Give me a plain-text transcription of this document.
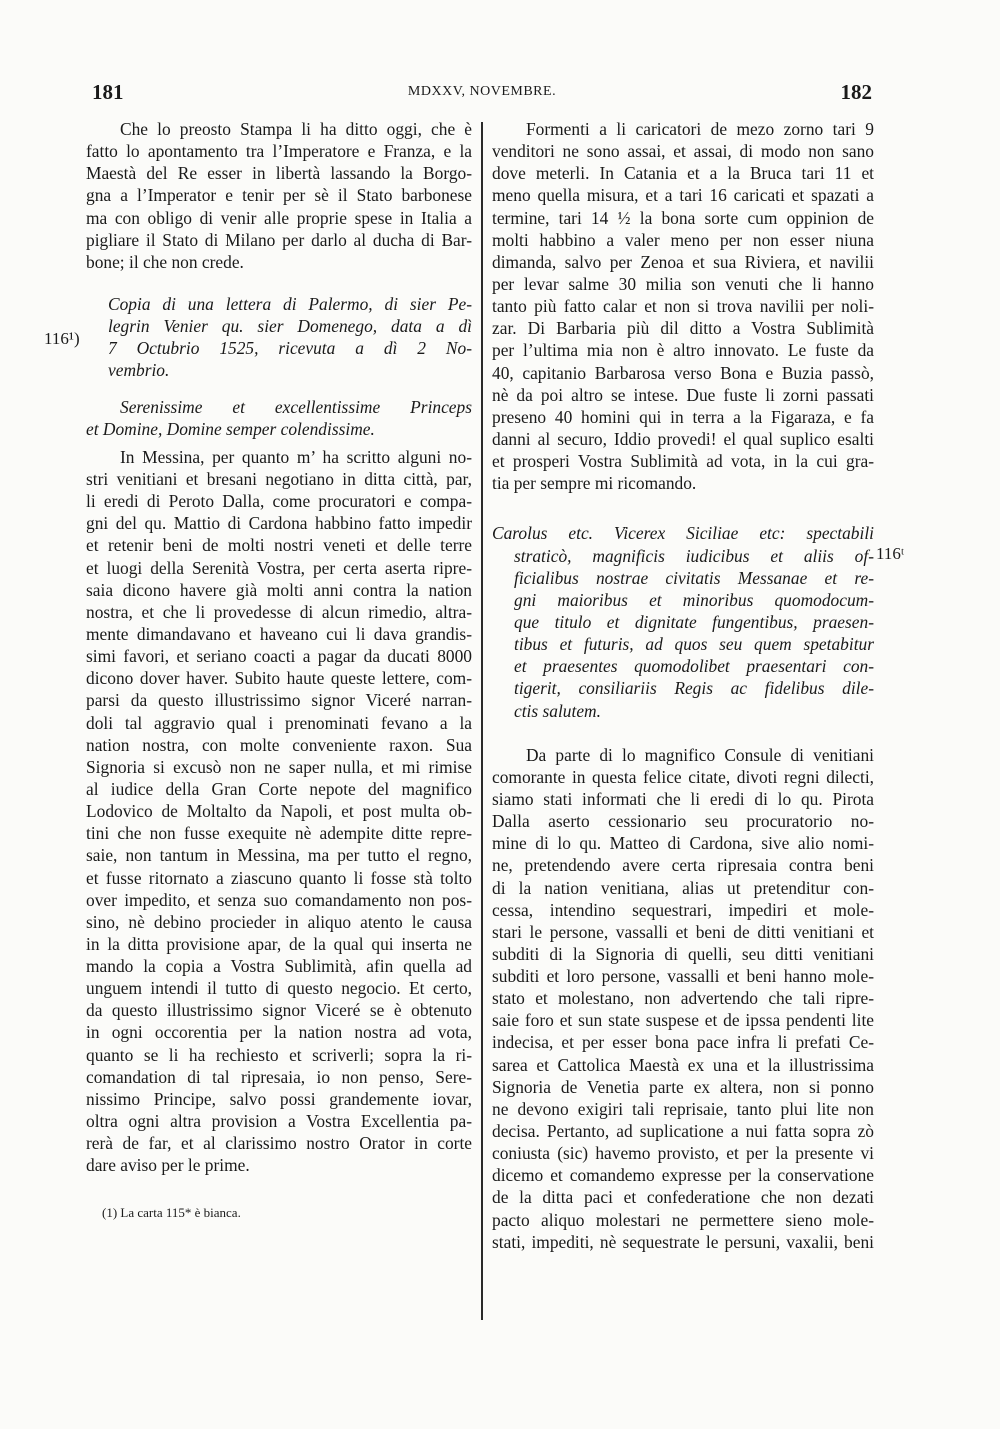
181	MDXXV, NOVEMBRE.	182
116¹)
116ᵗ
Che lo preosto Stampa li ha ditto oggi, che è
fatto lo apontamento tra l’Imperatore e Franza, e la
Maestà del Re esser in libertà lassando la Borgo-
gna a l’Imperator e tenir per sè il Stato barbonese
ma con obligo di venir alle proprie spese in Italia a
pigliare il Stato di Milano per darlo al ducha di Bar-
bone; il che non crede.
Copia di una lettera di Palermo, di sier Pe-
legrin Venier qu. sier Domenego, data a dì
7 Octubrio 1525, ricevuta a dì 2 No-
vembrio.
Serenissime et excellentissime Princeps
et Domine, Domine semper colendissime.
In Messina, per quanto m’ ha scritto alguni no-
stri venitiani et bresani negotiano in ditta città, par,
li eredi di Peroto Dalla, come procuratori e compa-
gni del qu. Mattio di Cardona habbino fatto impedir
et retenir beni de molti nostri veneti et delle terre
et luogi della Serenità Vostra, per certa aserta ripre-
saia dicono havere già molti anni contra la nation
nostra, et che li provedesse di alcun rimedio, altra-
mente dimandavano et haveano cui li dava grandis-
simi favori, et seriano coacti a pagar da ducati 8000
dicono dover haver. Subito haute queste lettere, com-
parsi da questo illustrissimo signor Viceré narran-
doli tal aggravio qual i prenominati fevano a la
nation nostra, con molte conveniente raxon. Sua
Signoria si excusò non ne saper nulla, et mi rimise
al iudice della Gran Corte nepote del magnifico
Lodovico de Moltalto da Napoli, et post multa ob-
tini che non fusse exequite nè adempite ditte repre-
saie, non tantum in Messina, ma per tutto el regno,
et fusse ritornato a ziascuno quanto li fosse stà tolto
over impedito, et senza suo comandamento non pos-
sino, nè debino procieder in aliquo atento le causa
in la ditta provisione apar, de la qual qui inserta ne
mando la copia a Vostra Sublimità, afin quella ad
unguem intendi il tutto di questo negocio. Et certo,
da questo illustrissimo signor Viceré se è obtenuto
in ogni occorentia per la nation nostra ad vota,
quanto se li ha rechiesto et scriverli; sopra la ri-
comandation di tal ripresaia, io non penso, Sere-
nissimo Principe, salvo possi grandemente iovar,
oltra ogni altra provision a Vostra Excellentia pa-
rerà de far, et al clarissimo nostro Orator in corte
dare aviso per le prime.
(1) La carta 115* è bianca.
Formenti a li caricatori de mezo zorno tari 9
venditori ne sono assai, et assai, di modo non sano
dove meterli. In Catania et a la Bruca tari 11 et
meno quella misura, et a tari 16 caricati et spazati a
termine, tari 14 ½ la bona sorte cum oppinion de
molti habbino a valer meno per non esser niuna
dimanda, salvo per Zenoa et sua Riviera, et navilii
per levar salme 30 milia son venuti che li hanno
tanto più fatto calar et non si trova navilii per noli-
zar. Di Barbaria più dil ditto a Vostra Sublimità
per l’ultima mia non è altro innovato. Le fuste da
40, capitanio Barbarosa verso Bona e Buzia passò,
nè da poi altro se intese. Due fuste li zorni passati
preseno 40 homini qui in terra a la Figaraza, e fa
danni al securo, Iddio provedi! el qual suplico esalti
et prosperi Vostra Sublimità ad vota, in la cui gra-
tia per sempre mi ricomando.
Carolus etc. Vicerex Siciliae etc: spectabili
straticò, magnificis iudicibus et aliis of-
ficialibus nostrae civitatis Messanae et re-
gni maioribus et minoribus quomodocum-
que titulo et dignitate fungentibus, praesen-
tibus et futuris, ad quos seu quem spetabitur
et praesentes quomodolibet praesentari con-
tigerit, consiliariis Regis ac fidelibus dile-
ctis salutem.
Da parte di lo magnifico Consule di venitiani
comorante in questa felice citate, divoti regni dilecti,
siamo stati informati che li eredi di lo qu. Pirota
Dalla aserto cessionario seu procuratorio no-
mine di lo qu. Matteo di Cardona, sive alio nomi-
ne, pretendendo avere certa ripresaia contra beni
di la nation venitiana, alias ut pretenditur con-
cessa, intendino sequestrari, impediri et mole-
stari le persone, vassalli et beni de ditti venitiani et
subditi di la Signoria di quelli, seu ditti venitiani
subditi et loro persone, vassalli et beni hanno mole-
stato et molestano, non advertendo che tali ripre-
saie foro et sun state suspese et de ipssa pendenti lite
indecisa, et per esser bona pace infra li prefati Ce-
sarea et Cattolica Maestà ex una et la illustrissima
Signoria de Venetia parte ex altera, non si ponno
ne devono exigiri tali reprisaie, tanto plui lite non
decisa. Pertanto, ad suplicatione a nui fatta sopra zò
coniusta (sic) havemo provisto, et per la presente vi
dicemo et comandemo expresse per la conservatione
de la ditta paci et confederatione che non dezati
pacto aliquo molestari ne permettere sieno mole-
stati, impediti, nè sequestrate le persuni, vaxalii, beni
